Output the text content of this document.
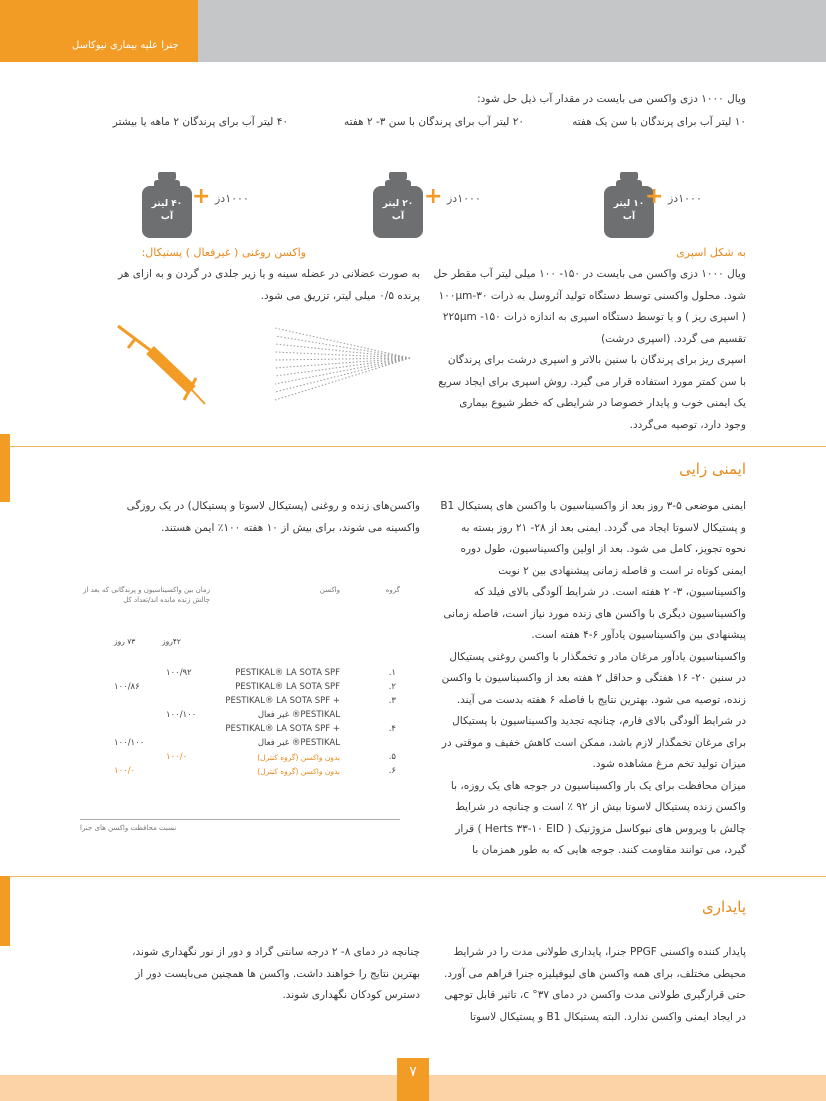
جنرا علیه بیماری نیوکاسل
ویال ۱۰۰۰ دزی واکسن می بایست در مقدار آب ذیل حل شود:
۱۰ لیتر آب برای پرندگان با سن یک هفته
۲۰ لیتر آب برای پرندگان با سن ۳- ۲ هفته
۴۰ لیتر آب برای پرندگان ۲ ماهه یا بیشتر
۱۰ لیتر
آب
+ ۱۰۰۰دز
۲۰ لیتر
آب
+ ۱۰۰۰دز
۴۰ لیتر
آب
+ ۱۰۰۰دز
به شکل اسپری
ویال ۱۰۰۰ دزی واکسن می بایست در ۱۵۰- ۱۰۰ میلی لیتر آب مقطر حل
شود. محلول واکسنی توسط دستگاه تولید آئروسل به ذرات ۱۰۰µm-۳۰
( اسپری ریز ) و یا توسط دستگاه اسپری به اندازه ذرات ۲۲۵µm -۱۵۰
تقسیم می گردد. (اسپری درشت)
اسپری ریز برای پرندگان با سنین بالاتر و اسپری درشت برای پرندگان
با سن کمتر مورد استفاده قرار می گیرد. روش اسپری برای ایجاد سریع
یک ایمنی خوب و پایدار خصوصا در شرایطی که خطر شیوع بیماری
وجود دارد، توصیه می‌گردد.
واکسن روغنی ( غیرفعال ) پستیکال:
به صورت عضلانی در عضله سینه و یا زیر جلدی در گردن و به ازای هر
پرنده ۰/۵ میلی لیتر، تزریق می شود.
ایمنی زایی
ایمنی موضعی ۵-۳ روز بعد از واکسیناسیون با واکسن های پستیکال B1
و پستیکال لاسوتا ایجاد می گردد. ایمنی بعد از ۲۸- ۲۱ روز بسته به
نحوه تجویز، کامل می شود. بعد از اولین واکسیناسیون، طول دوره
ایمنی کوتاه تر است و فاصله زمانی پیشنهادی بین ۲ نوبت
واکسیناسیون، ۳- ۲ هفته است. در شرایط آلودگی بالای فیلد که
واکسیناسیون دیگری با واکسن های زنده مورد نیاز است، فاصله زمانی
پیشنهادی بین واکسیناسیون یادآور ۶-۴ هفته است.
واکسیناسیون یادآور مرغان مادر و تخمگذار با واکسن روغنی پستیکال
در سنین ۲۰- ۱۶ هفتگی و حداقل ۲ هفته بعد از واکسیناسیون با واکسن
زنده، توصیه می شود. بهترین نتایج با فاصله ۶ هفته بدست می آیند.
در شرایط آلودگی بالای فارم، چنانچه تجدید واکسیناسیون با پستیکال
برای مرغان تخمگذار لازم باشد، ممکن است کاهش خفیف و موقتی در
میزان تولید تخم مرغ مشاهده شود.
میزان محافظت برای یک بار واکسیناسیون در جوجه های یک روزه، با
واکسن زنده پستیکال لاسوتا بیش از ۹۲ ٪ است و چنانچه در شرایط
چالش با ویروس های نیوکاسل مزوژنیک ( Herts ۳۳-۱۰ EID ) قرار
گیرد، می توانند مقاومت کنند. جوجه هایی که به طور همزمان با
واکسن‌های زنده و روغنی (پستیکال لاسوتا و پستیکال) در یک روزگی
واکسینه می شوند، برای بیش از ۱۰ هفته ۱۰۰٪ ایمن هستند.
گروه
واکسن
زمان بین واکسیناسیون و پرندگانی که بعد از چالش زنده مانده اند/تعداد کل
۴۲روز
۷۳ روز
.۱
PESTIKAL® LA SOTA SPF
۱۰۰/۹۲
.۲
PESTIKAL® LA SOTA SPF
۱۰۰/۸۶
.۳
PESTIKAL® LA SOTA SPF +
PESTIKAL® غیر فعال
۱۰۰/۱۰۰
.۴
PESTIKAL® LA SOTA SPF +
PESTIKAL® غیر فعال
۱۰۰/۱۰۰
.۵
بدون واکسن (گروه کنترل)
۱۰۰/۰
.۶
بدون واکسن (گروه کنترل)
۱۰۰/۰
نسبت محافظت واکسن های جنرا
پایداری
پایدار کننده واکسنی PPGF جنرا، پایداری طولانی مدت را در شرایط
محیطی مختلف، برای همه واکسن های لیوفیلیزه جنرا فراهم می آورد.
حتی قرارگیری طولانی مدت واکسن در دمای ۳۷° c، تاثیر قابل توجهی
در ایجاد ایمنی واکسن ندارد. البته پستیکال B1 و پستیکال لاسوتا
چنانچه در دمای ۸- ۲ درجه سانتی گراد و دور از نور نگهداری شوند،
بهترین نتایج را خواهند داشت. واکسن ها همچنین می‌بایست دور از
دسترس کودکان نگهداری شوند.
۷
